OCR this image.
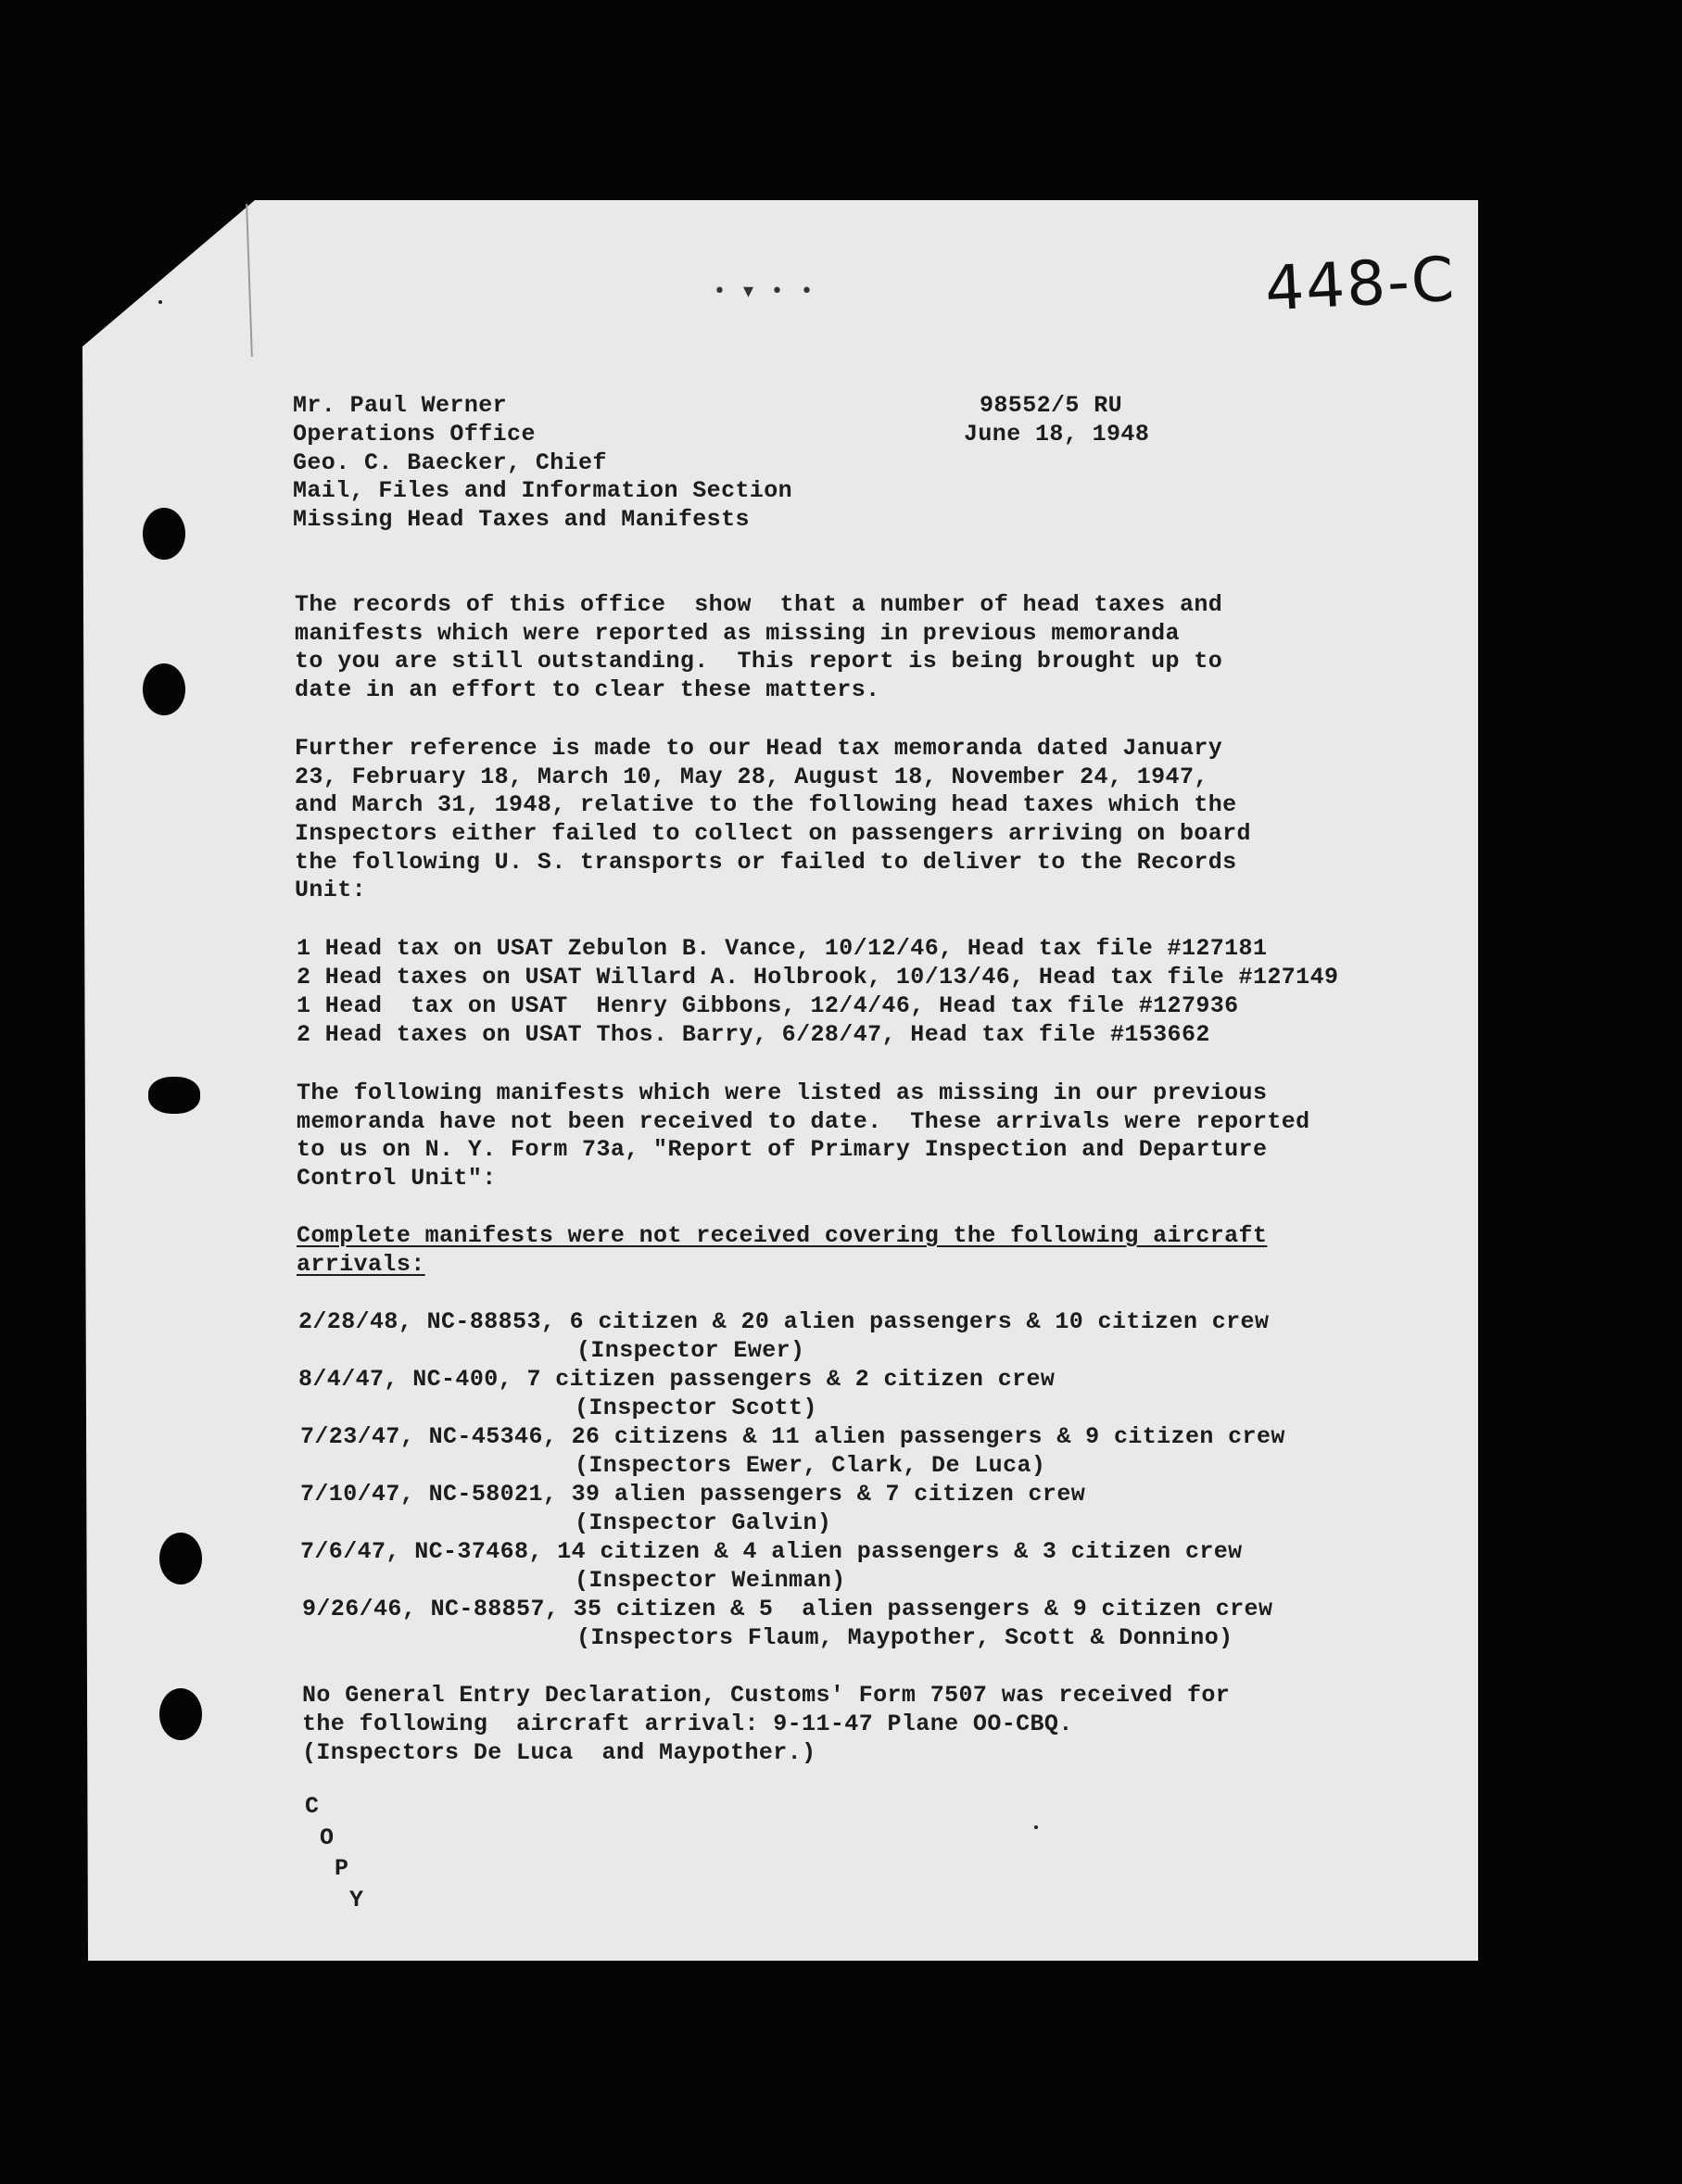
448-C
• ▾ • •
Mr. Paul Werner
Operations Office
Geo. C. Baecker, Chief
Mail, Files and Information Section
Missing Head Taxes and Manifests
98552/5 RU
June 18, 1948
The records of this office  show  that a number of head taxes and
manifests which were reported as missing in previous memoranda
to you are still outstanding.  This report is being brought up to
date in an effort to clear these matters.
Further reference is made to our Head tax memoranda dated January
23, February 18, March 10, May 28, August 18, November 24, 1947,
and March 31, 1948, relative to the following head taxes which the
Inspectors either failed to collect on passengers arriving on board
the following U. S. transports or failed to deliver to the Records
Unit:
1 Head tax on USAT Zebulon B. Vance, 10/12/46, Head tax file #127181
2 Head taxes on USAT Willard A. Holbrook, 10/13/46, Head tax file #127149
1 Head  tax on USAT  Henry Gibbons, 12/4/46, Head tax file #127936
2 Head taxes on USAT Thos. Barry, 6/28/47, Head tax file #153662
The following manifests which were listed as missing in our previous
memoranda have not been received to date.  These arrivals were reported
to us on N. Y. Form 73a, "Report of Primary Inspection and Departure
Control Unit":
Complete manifests were not received covering the following aircraft
arrivals:
2/28/48, NC-88853, 6 citizen & 20 alien passengers & 10 citizen crew
(Inspector Ewer)
8/4/47, NC-400, 7 citizen passengers & 2 citizen crew
(Inspector Scott)
7/23/47, NC-45346, 26 citizens & 11 alien passengers & 9 citizen crew
(Inspectors Ewer, Clark, De Luca)
7/10/47, NC-58021, 39 alien passengers & 7 citizen crew
(Inspector Galvin)
7/6/47, NC-37468, 14 citizen & 4 alien passengers & 3 citizen crew
(Inspector Weinman)
9/26/46, NC-88857, 35 citizen & 5  alien passengers & 9 citizen crew
(Inspectors Flaum, Maypother, Scott & Donnino)
No General Entry Declaration, Customs' Form 7507 was received for
the following  aircraft arrival: 9-11-47 Plane OO-CBQ.
(Inspectors De Luca  and Maypother.)
C
O
P
Y
